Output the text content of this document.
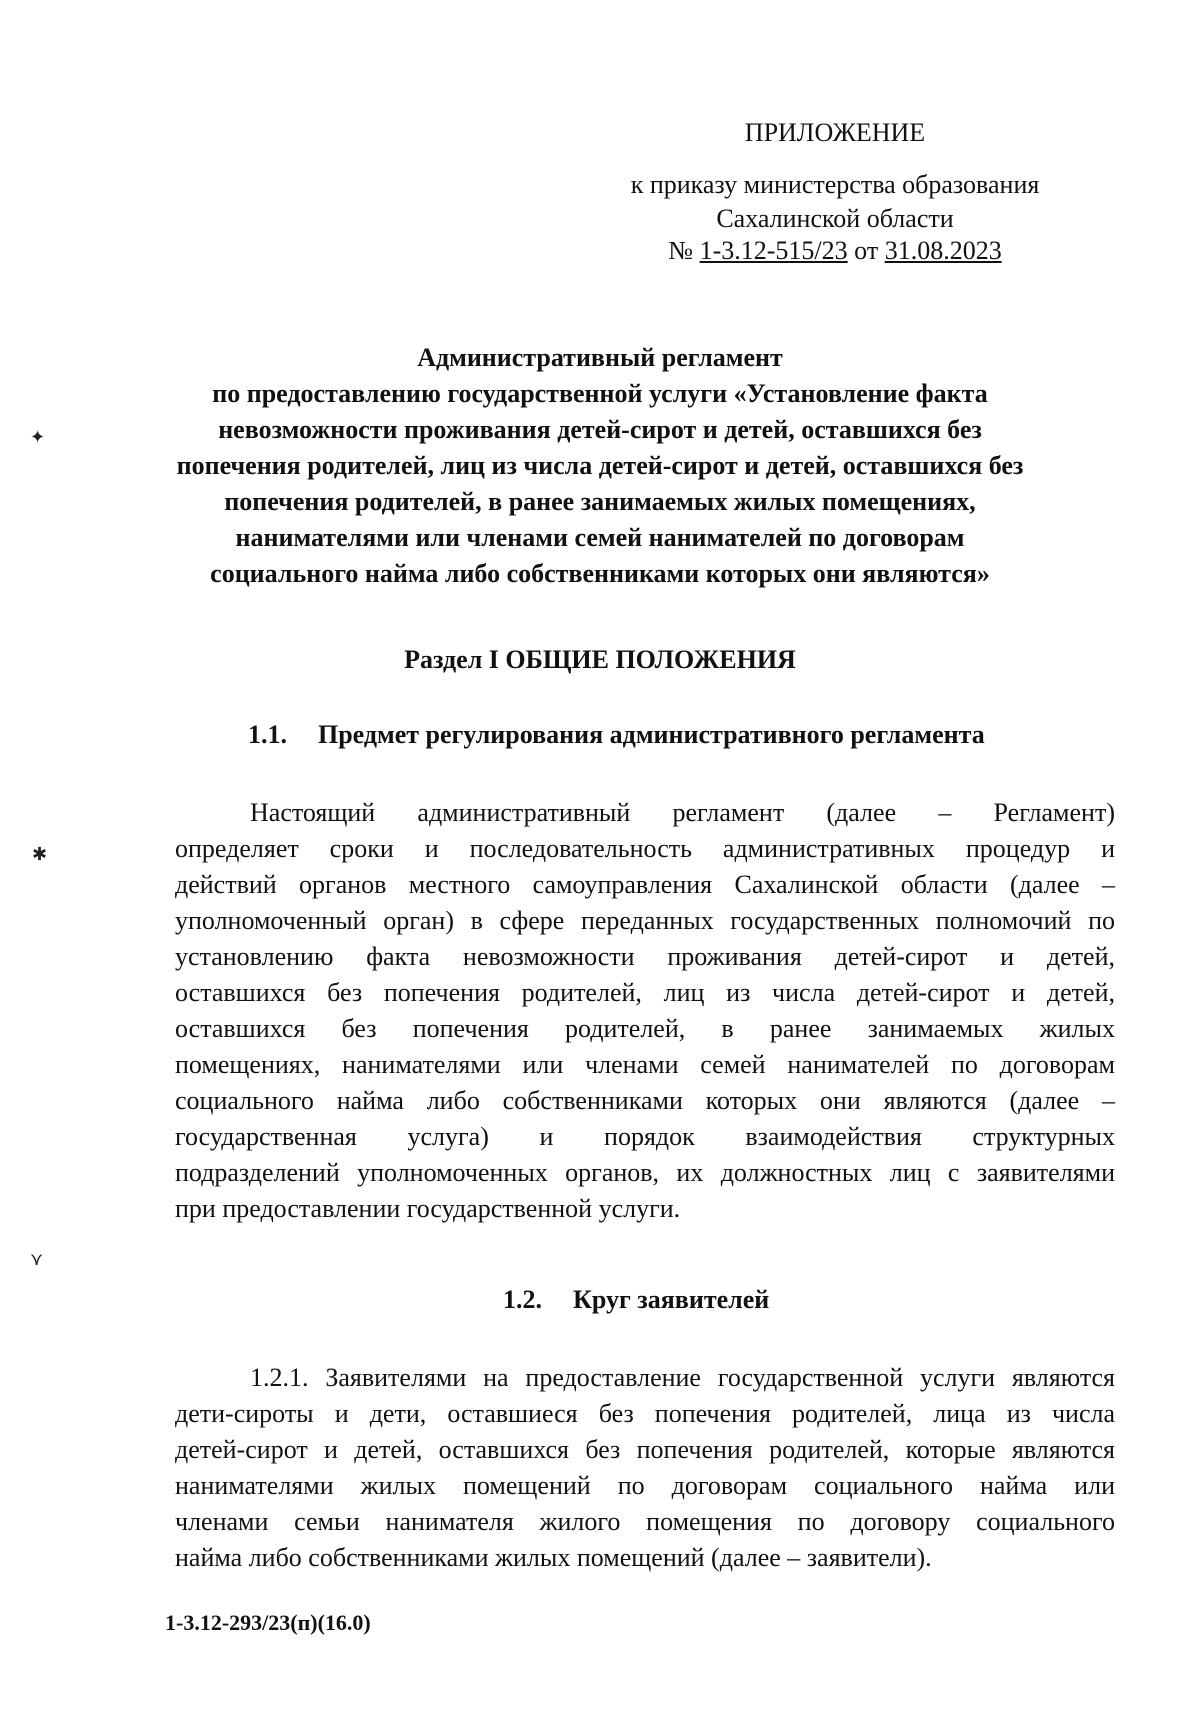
ПРИЛОЖЕНИЕ
к приказу министерства образования
Сахалинской области
№ 1-3.12-515/23 от 31.08.2023
Административный регламент
по предоставлению государственной услуги «Установление факта
невозможности проживания детей-сирот и детей, оставшихся без
попечения родителей, лиц из числа детей-сирот и детей, оставшихся без
попечения родителей, в ранее занимаемых жилых помещениях,
нанимателями или членами семей нанимателей по договорам
социального найма либо собственниками которых они являются»
Раздел I ОБЩИЕ ПОЛОЖЕНИЯ
1.1. Предмет регулирования административного регламента
Настоящий административный регламент (далее – Регламент)
определяет сроки и последовательность административных процедур и
действий органов местного самоуправления Сахалинской области (далее –
уполномоченный орган) в сфере переданных государственных полномочий по
установлению факта невозможности проживания детей-сирот и детей,
оставшихся без попечения родителей, лиц из числа детей-сирот и детей,
оставшихся без попечения родителей, в ранее занимаемых жилых
помещениях, нанимателями или членами семей нанимателей по договорам
социального найма либо собственниками которых они являются (далее –
государственная услуга) и порядок взаимодействия структурных
подразделений уполномоченных органов, их должностных лиц с заявителями
при предоставлении государственной услуги.
1.2. Круг заявителей
1.2.1. Заявителями на предоставление государственной услуги являются
дети-сироты и дети, оставшиеся без попечения родителей, лица из числа
детей-сирот и детей, оставшихся без попечения родителей, которые являются
нанимателями жилых помещений по договорам социального найма или
членами семьи нанимателя жилого помещения по договору социального
найма либо собственниками жилых помещений (далее – заявители).
1-3.12-293/23(п)(16.0)
✦
✱
⋎
